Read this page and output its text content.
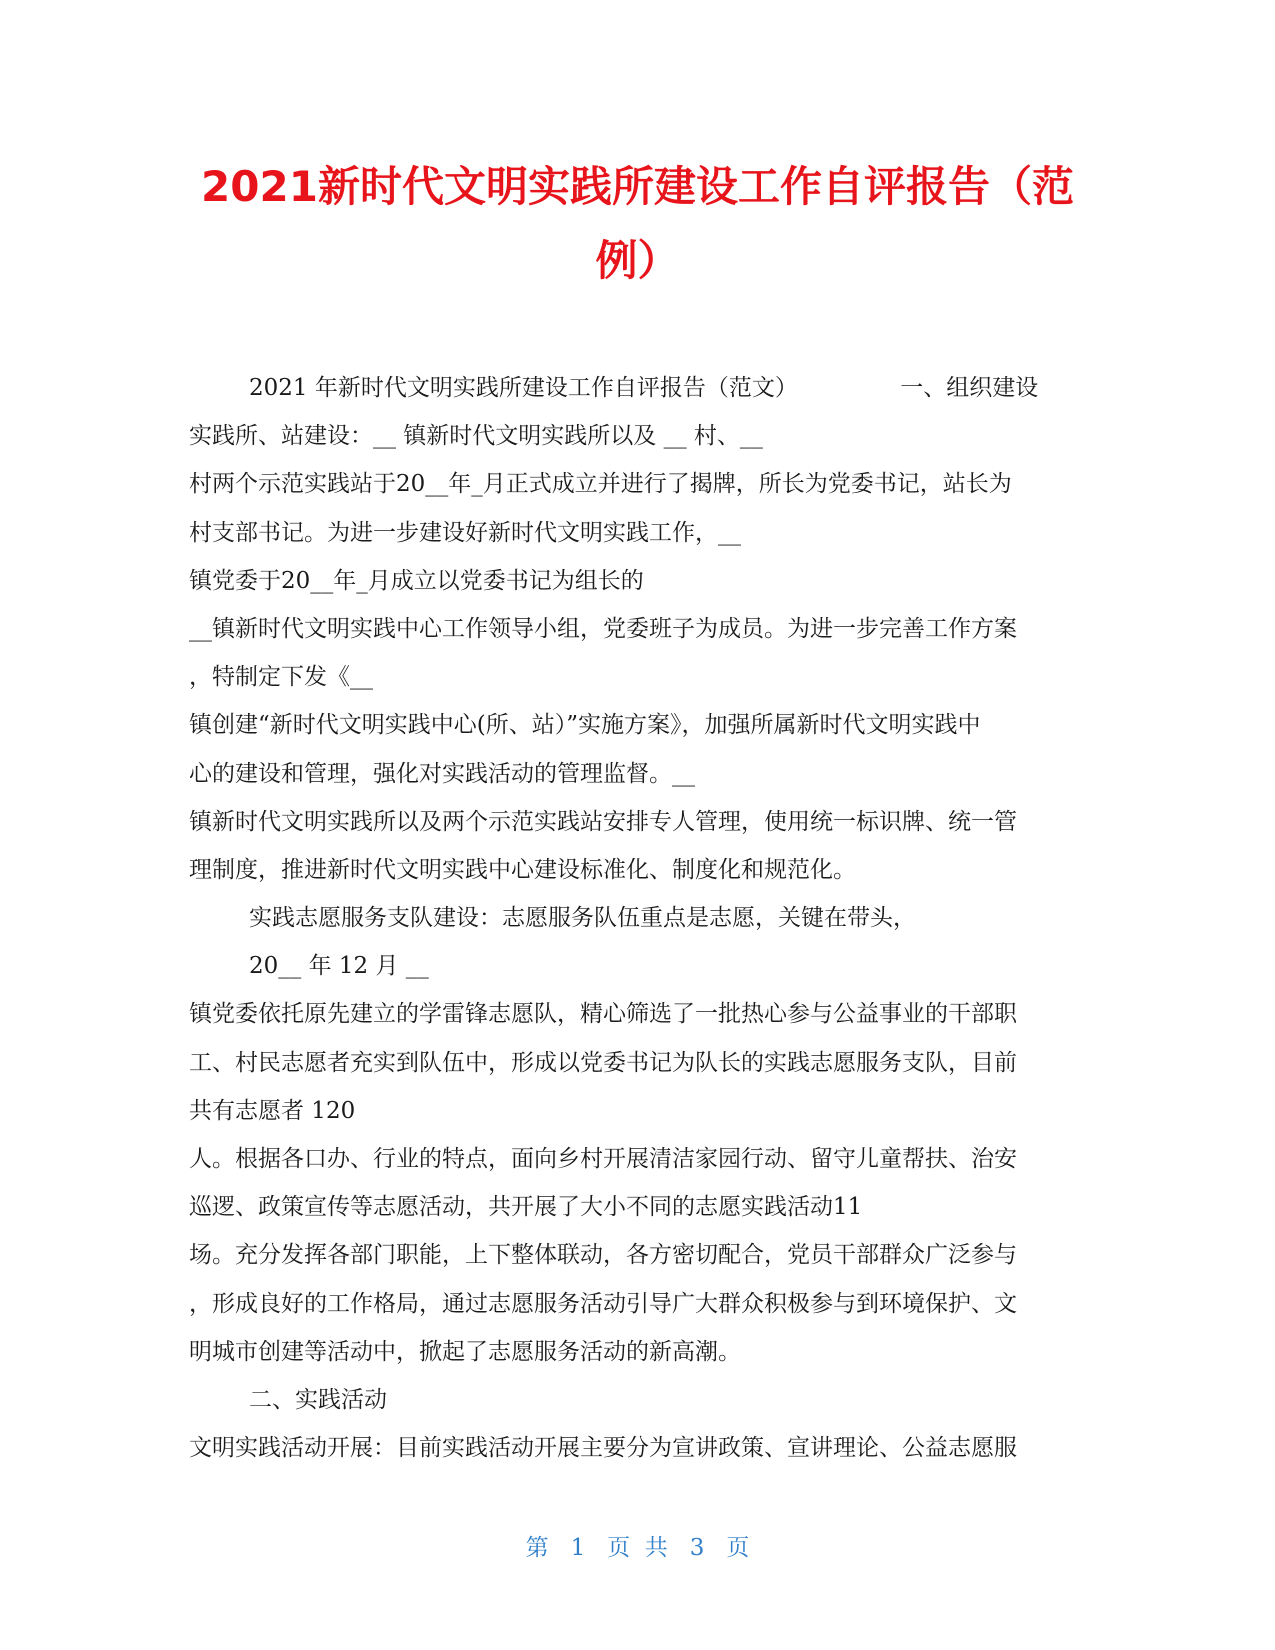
2021新时代文明实践所建设工作自评报告（范
例）
2021 年新时代文明实践所建设工作自评报告（范文）              一、组织建设
实践所、站建设：__ 镇新时代文明实践所以及 __ 村、__
村两个示范实践站于20__年_月正式成立并进行了揭牌，所长为党委书记，站长为
村支部书记。为进一步建设好新时代文明实践工作，__
镇党委于20__年_月成立以党委书记为组长的
__镇新时代文明实践中心工作领导小组，党委班子为成员。为进一步完善工作方案
，特制定下发《__
镇创建“新时代文明实践中心(所、站）”实施方案》，加强所属新时代文明实践中
心的建设和管理，强化对实践活动的管理监督。__
镇新时代文明实践所以及两个示范实践站安排专人管理，使用统一标识牌、统一管
理制度，推进新时代文明实践中心建设标准化、制度化和规范化。
实践志愿服务支队建设：志愿服务队伍重点是志愿，关键在带头，
20__ 年 12 月 __
镇党委依托原先建立的学雷锋志愿队，精心筛选了一批热心参与公益事业的干部职
工、村民志愿者充实到队伍中，形成以党委书记为队长的实践志愿服务支队，目前
共有志愿者 120
人。根据各口办、行业的特点，面向乡村开展清洁家园行动、留守儿童帮扶、治安
巡逻、政策宣传等志愿活动，共开展了大小不同的志愿实践活动11
场。充分发挥各部门职能，上下整体联动，各方密切配合，党员干部群众广泛参与
，形成良好的工作格局，通过志愿服务活动引导广大群众积极参与到环境保护、文
明城市创建等活动中，掀起了志愿服务活动的新高潮。
二、实践活动
文明实践活动开展：目前实践活动开展主要分为宣讲政策、宣讲理论、公益志愿服
第 1 页  共 3 页
